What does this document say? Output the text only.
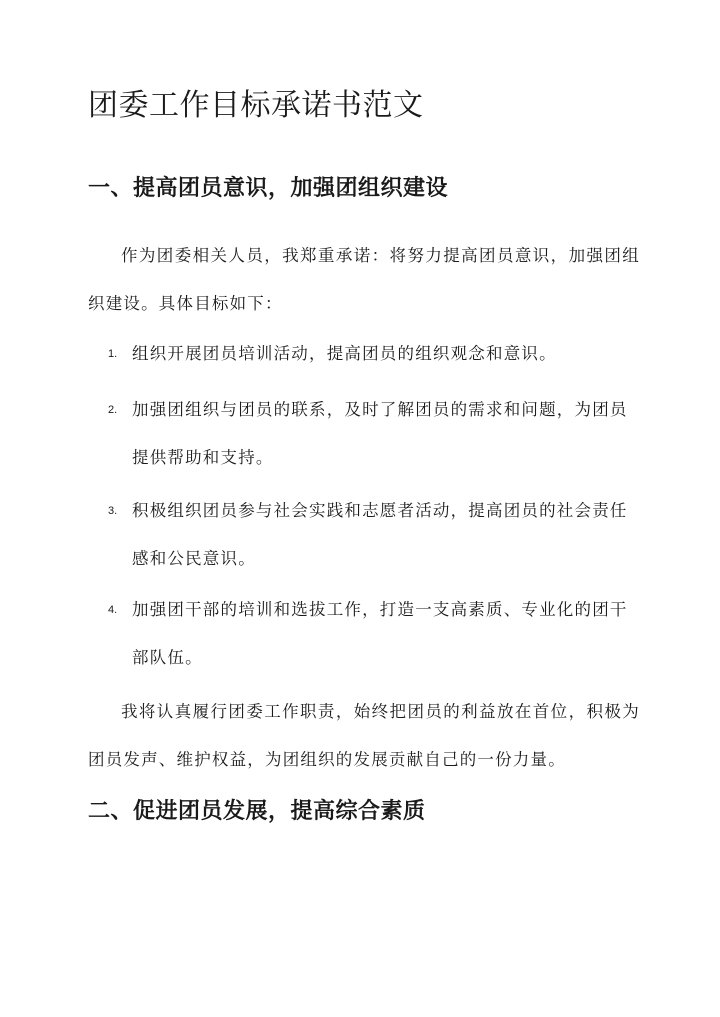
团委工作目标承诺书范文
一、提高团员意识，加强团组织建设

作为团委相关人员，我郑重承诺：将努力提高团员意识，加强团组织建设。具体目标如下：

1. 组织开展团员培训活动，提高团员的组织观念和意识。
2. 加强团组织与团员的联系，及时了解团员的需求和问题，为团员提供帮助和支持。
3. 积极组织团员参与社会实践和志愿者活动，提高团员的社会责任感和公民意识。
4. 加强团干部的培训和选拔工作，打造一支高素质、专业化的团干部队伍。

我将认真履行团委工作职责，始终把团员的利益放在首位，积极为团员发声、维护权益，为团组织的发展贡献自己的一份力量。

二、促进团员发展，提高综合素质
